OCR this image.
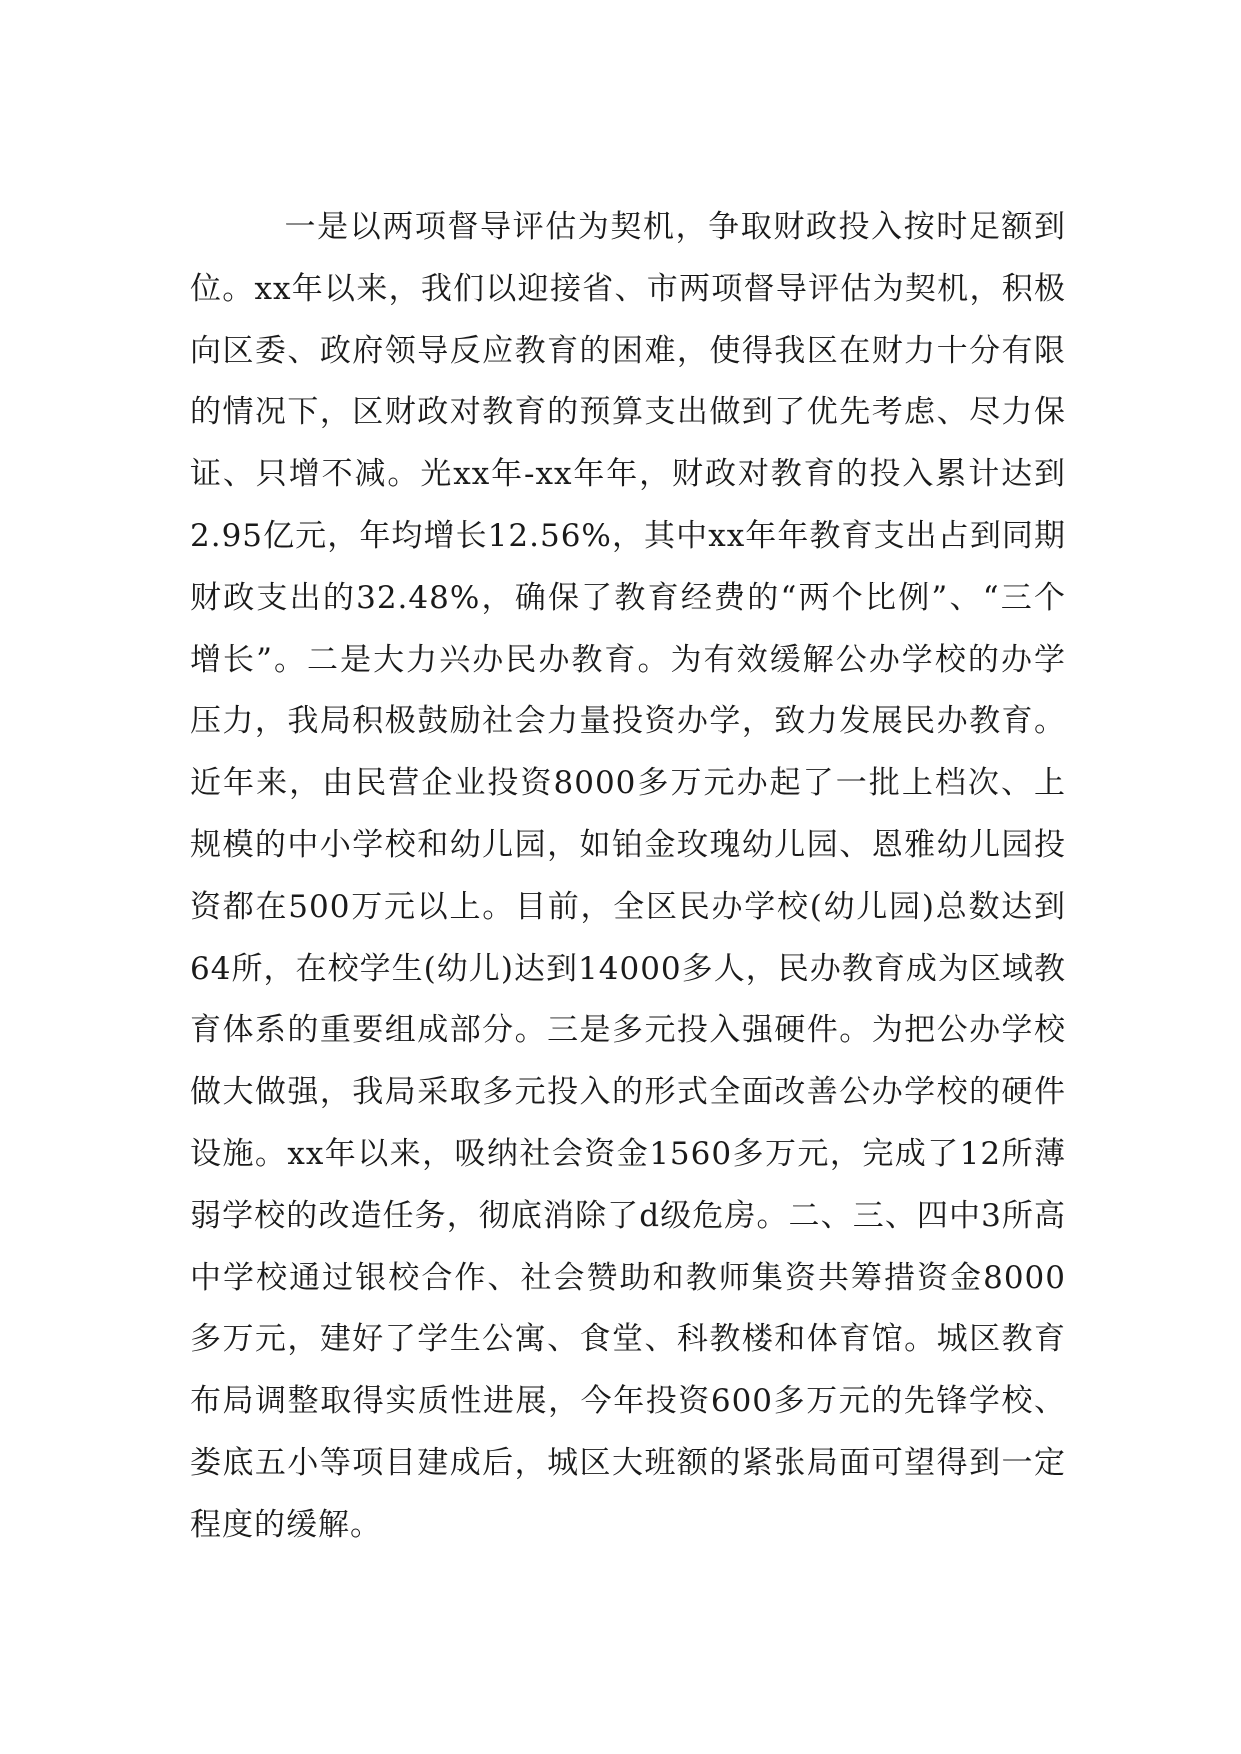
一是以两项督导评估为契机，争取财政投入按时足额到位。xx年以来，我们以迎接省、市两项督导评估为契机，积极向区委、政府领导反应教育的困难，使得我区在财力十分有限的情况下，区财政对教育的预算支出做到了优先考虑、尽力保证、只增不减。光xx年-xx年年，财政对教育的投入累计达到2.95亿元，年均增长12.56%，其中xx年年教育支出占到同期财政支出的32.48%，确保了教育经费的“两个比例”、“三个增长”。二是大力兴办民办教育。为有效缓解公办学校的办学压力，我局积极鼓励社会力量投资办学，致力发展民办教育。近年来，由民营企业投资8000多万元办起了一批上档次、上规模的中小学校和幼儿园，如铂金玫瑰幼儿园、恩雅幼儿园投资都在500万元以上。目前，全区民办学校(幼儿园)总数达到64所，在校学生(幼儿)达到14000多人，民办教育成为区域教育体系的重要组成部分。三是多元投入强硬件。为把公办学校做大做强，我局采取多元投入的形式全面改善公办学校的硬件设施。xx年以来，吸纳社会资金1560多万元，完成了12所薄弱学校的改造任务，彻底消除了d级危房。二、三、四中3所高中学校通过银校合作、社会赞助和教师集资共筹措资金8000多万元，建好了学生公寓、食堂、科教楼和体育馆。城区教育布局调整取得实质性进展，今年投资600多万元的先锋学校、娄底五小等项目建成后，城区大班额的紧张局面可望得到一定程度的缓解。
